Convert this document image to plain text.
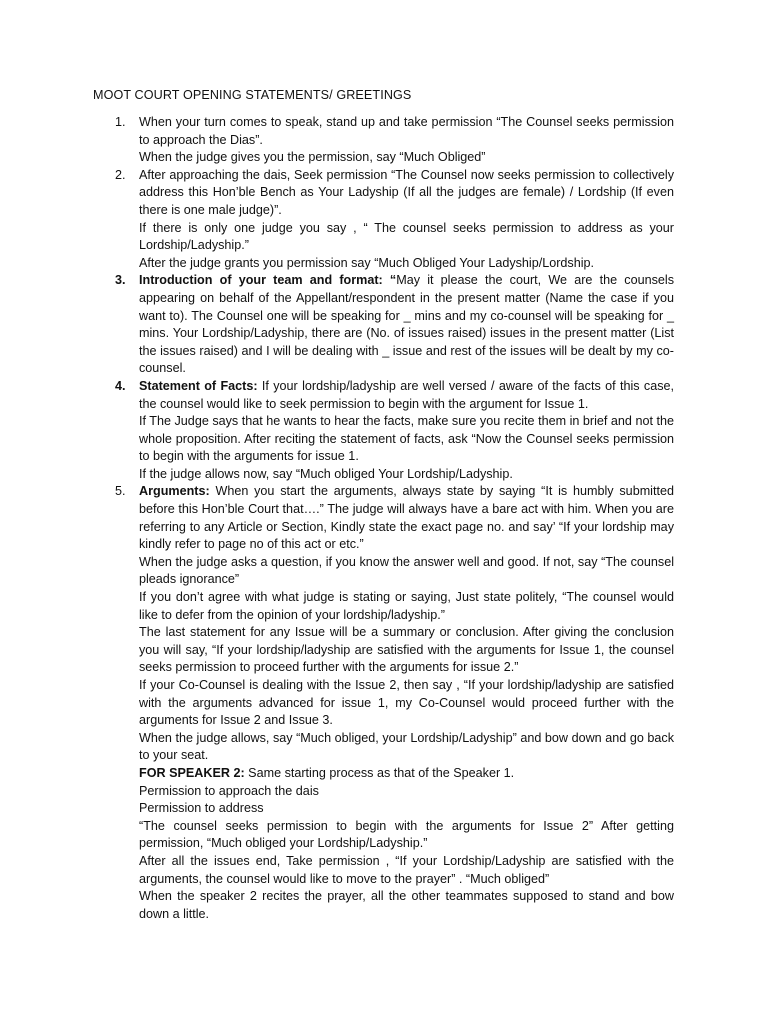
MOOT COURT OPENING STATEMENTS/ GREETINGS
1.	When your turn comes to speak, stand up and take permission “The Counsel seeks permission to approach the Dias”.

When the judge gives you the permission, say “Much Obliged”

2.	After approaching the dais, Seek permission “The Counsel now seeks permission to collectively address this Hon’ble Bench as Your Ladyship (If all the judges are female) / Lordship (If even there is one male judge)”.

If there is only one judge you say , “ The counsel seeks permission to address as your Lordship/Ladyship.”

After the judge grants you permission say “Much Obliged Your Ladyship/Lordship.

3.	Introduction of your team and format: “May it please the court, We are the counsels appearing on behalf of the Appellant/respondent in the present matter (Name the case if you want to). The Counsel one will be speaking for _ mins and my co-counsel will be speaking for _ mins. Your Lordship/Ladyship, there are (No. of issues raised) issues in the present matter (List the issues raised) and I will be dealing with _ issue and rest of the issues will be dealt by my co-counsel.

4.	Statement of Facts: If your lordship/ladyship are well versed / aware of the facts of this case, the counsel would like to seek permission to begin with the argument for Issue 1.

If The Judge says that he wants to hear the facts, make sure you recite them in brief and not the whole proposition. After reciting the statement of facts, ask “Now the Counsel seeks permission to begin with the arguments for issue 1.

If the judge allows now, say “Much obliged Your Lordship/Ladyship.

5.	Arguments: When you start the arguments, always state by saying “It is humbly submitted before this Hon’ble Court that….” The judge will always have a bare act with him. When you are referring to any Article or Section, Kindly state the exact page no. and say’ “If your lordship may kindly refer to page no of this act or etc.”

When the judge asks a question, if you know the answer well and good. If not, say “The counsel pleads ignorance”

If you don’t agree with what judge is stating or saying, Just state politely, “The counsel would like to defer from the opinion of your lordship/ladyship.”

The last statement for any Issue will be a summary or conclusion. After giving the conclusion you will say, “If your lordship/ladyship are satisfied with the arguments for Issue 1, the counsel seeks permission to proceed further with the arguments for issue 2.”

If your Co-Counsel is dealing with the Issue 2, then say , “If your lordship/ladyship are satisfied with the arguments advanced for issue 1, my Co-Counsel would proceed further with the arguments for Issue 2 and Issue 3.

When the judge allows, say “Much obliged, your Lordship/Ladyship” and bow down and go back to your seat.

FOR SPEAKER 2: Same starting process as that of the Speaker 1.

Permission to approach the dais

Permission to address

“The counsel seeks permission to begin with the arguments for Issue 2” After getting permission, “Much obliged your Lordship/Ladyship.”

After all the issues end, Take permission , “If your Lordship/Ladyship are satisfied with the arguments, the counsel would like to move to the prayer” . “Much obliged”

When the speaker 2 recites the prayer, all the other teammates supposed to stand and bow down a little.
